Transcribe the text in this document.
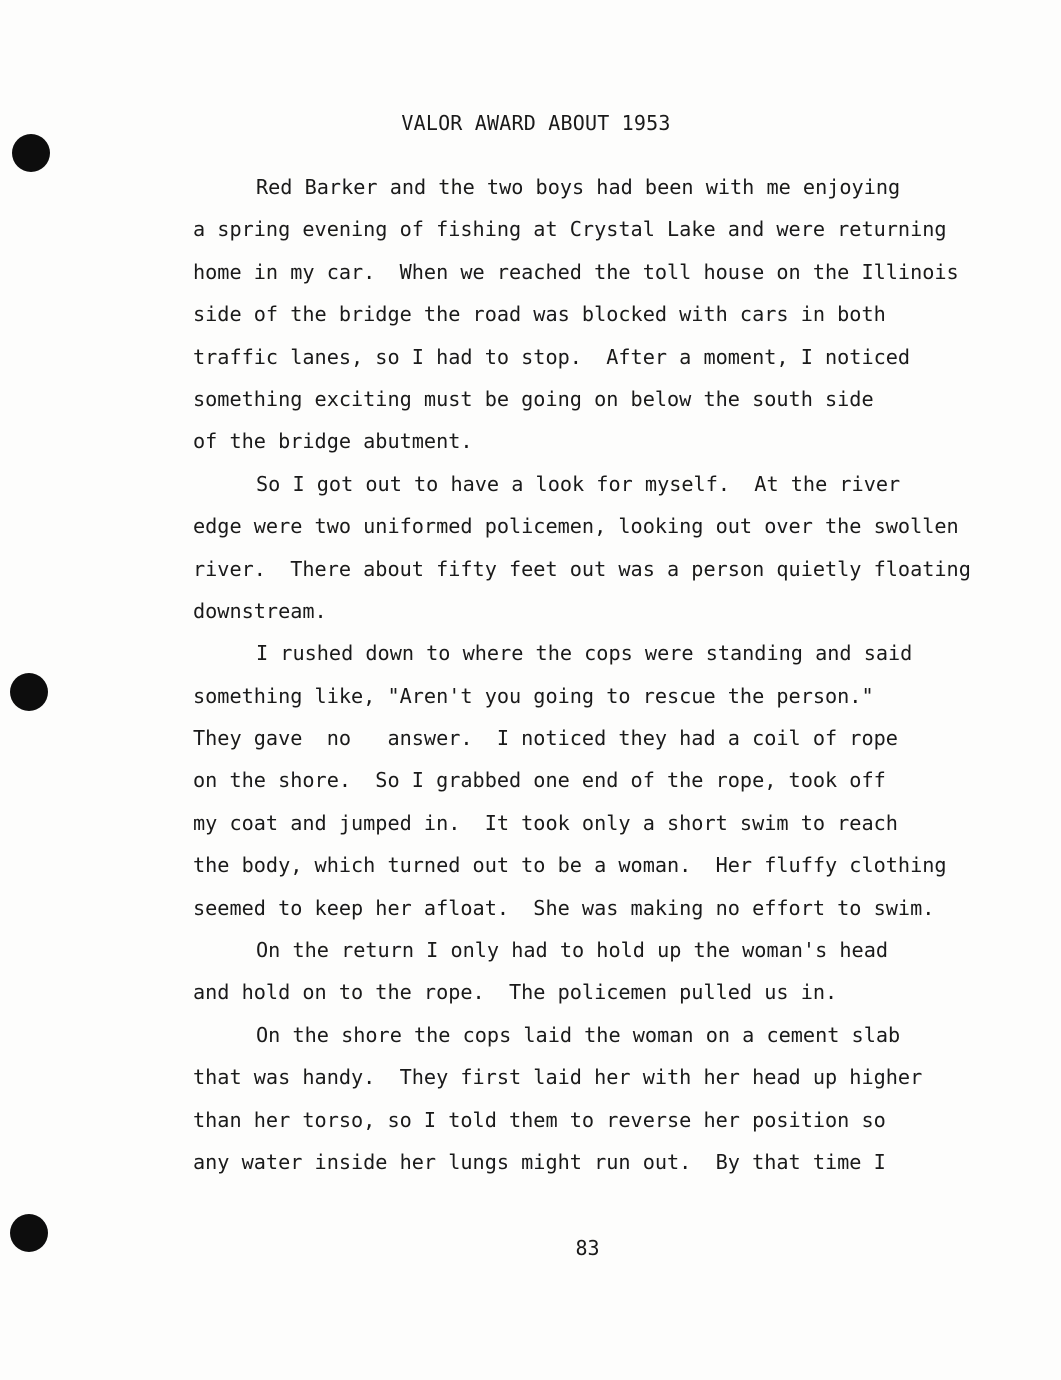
VALOR AWARD ABOUT 1953
Red Barker and the two boys had been with me enjoying
a spring evening of fishing at Crystal Lake and were returning
home in my car.  When we reached the toll house on the Illinois
side of the bridge the road was blocked with cars in both
traffic lanes, so I had to stop.  After a moment, I noticed
something exciting must be going on below the south side
of the bridge abutment.
So I got out to have a look for myself.  At the river
edge were two uniformed policemen, looking out over the swollen
river.  There about fifty feet out was a person quietly floating
downstream.
I rushed down to where the cops were standing and said
something like, "Aren't you going to rescue the person."
They gave  no   answer.  I noticed they had a coil of rope
on the shore.  So I grabbed one end of the rope, took off
my coat and jumped in.  It took only a short swim to reach
the body, which turned out to be a woman.  Her fluffy clothing
seemed to keep her afloat.  She was making no effort to swim.
On the return I only had to hold up the woman's head
and hold on to the rope.  The policemen pulled us in.
On the shore the cops laid the woman on a cement slab
that was handy.  They first laid her with her head up higher
than her torso, so I told them to reverse her position so
any water inside her lungs might run out.  By that time I
83
